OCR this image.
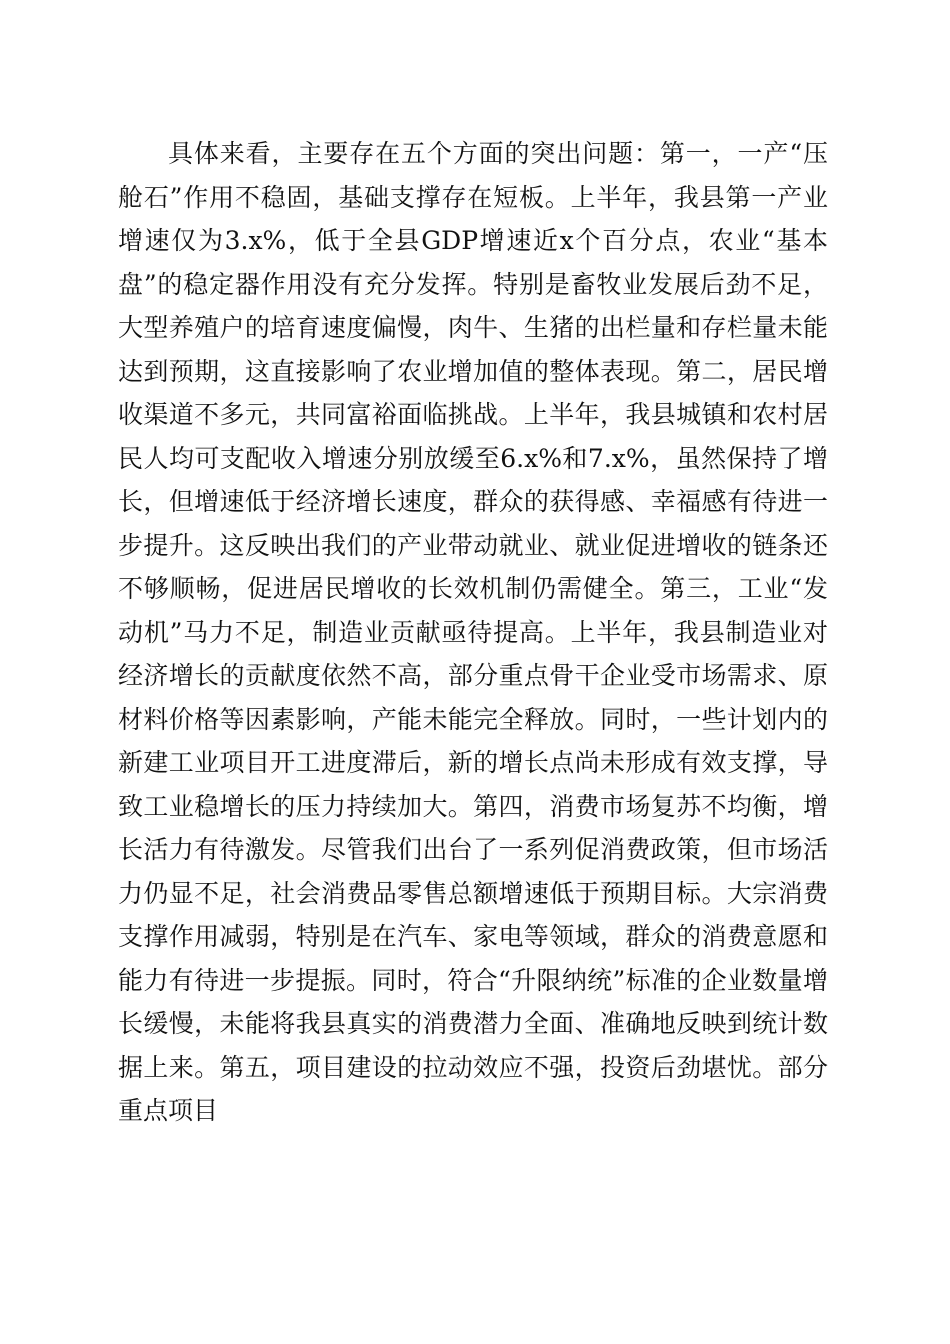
具体来看，主要存在五个方面的突出问题：第一，一产“压舱石”作用不稳固，基础支撑存在短板。上半年，我县第一产业增速仅为3.x%，低于全县GDP增速近x个百分点，农业“基本盘”的稳定器作用没有充分发挥。特别是畜牧业发展后劲不足，大型养殖户的培育速度偏慢，肉牛、生猪的出栏量和存栏量未能达到预期，这直接影响了农业增加值的整体表现。第二，居民增收渠道不多元，共同富裕面临挑战。上半年，我县城镇和农村居民人均可支配收入增速分别放缓至6.x%和7.x%，虽然保持了增长，但增速低于经济增长速度，群众的获得感、幸福感有待进一步提升。这反映出我们的产业带动就业、就业促进增收的链条还不够顺畅，促进居民增收的长效机制仍需健全。第三，工业“发动机”马力不足，制造业贡献亟待提高。上半年，我县制造业对经济增长的贡献度依然不高，部分重点骨干企业受市场需求、原材料价格等因素影响，产能未能完全释放。同时，一些计划内的新建工业项目开工进度滞后，新的增长点尚未形成有效支撑，导致工业稳增长的压力持续加大。第四，消费市场复苏不均衡，增长活力有待激发。尽管我们出台了一系列促消费政策，但市场活力仍显不足，社会消费品零售总额增速低于预期目标。大宗消费支撑作用减弱，特别是在汽车、家电等领域，群众的消费意愿和能力有待进一步提振。同时，符合“升限纳统”标准的企业数量增长缓慢，未能将我县真实的消费潜力全面、准确地反映到统计数据上来。第五，项目建设的拉动效应不强，投资后劲堪忧。部分重点项目
